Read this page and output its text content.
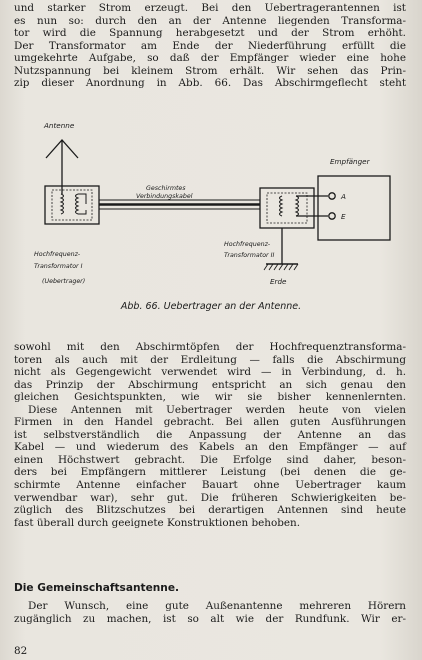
und starker Strom erzeugt. Bei den Uebertragerantennen ist
es nun so: durch den an der Antenne liegenden Transforma-
tor wird die Spannung herabgesetzt und der Strom erhöht.
Der Transformator am Ende der Niederführung erfüllt die
umgekehrte Aufgabe, so daß der Empfänger wieder eine hohe
Nutzspannung bei kleinem Strom erhält. Wir sehen das Prin-
zip dieser Anordnung in Abb. 66. Das Abschirmgeflecht steht
Antenne
Geschirmtes
Verbindungskabel
Empfänger
A
E
Hochfrequenz-
Transformator I
(Uebertrager)
Hochfrequenz-
Transformator II
Erde
Abb. 66. Uebertrager an der Antenne.
sowohl mit den Abschirmtöpfen der Hochfrequenztransforma-
toren als auch mit der Erdleitung — falls die Abschirmung
nicht als Gegengewicht verwendet wird — in Verbindung, d. h.
das Prinzip der Abschirmung entspricht an sich genau den
gleichen Gesichtspunkten, wie wir sie bisher kennenlernten.
Diese Antennen mit Uebertrager werden heute von vielen
Firmen in den Handel gebracht. Bei allen guten Ausführungen
ist selbstverständlich die Anpassung der Antenne an das
Kabel — und wiederum des Kabels an den Empfänger — auf
einen Höchstwert gebracht. Die Erfolge sind daher, beson-
ders bei Empfängern mittlerer Leistung (bei denen die ge-
schirmte Antenne einfacher Bauart ohne Uebertrager kaum
verwendbar war), sehr gut. Die früheren Schwierigkeiten be-
züglich des Blitzschutzes bei derartigen Antennen sind heute
fast überall durch geeignete Konstruktionen behoben.
Die Gemeinschaftsantenne.
Der Wunsch, eine gute Außenantenne mehreren Hörern
zugänglich zu machen, ist so alt wie der Rundfunk. Wir er-
82
